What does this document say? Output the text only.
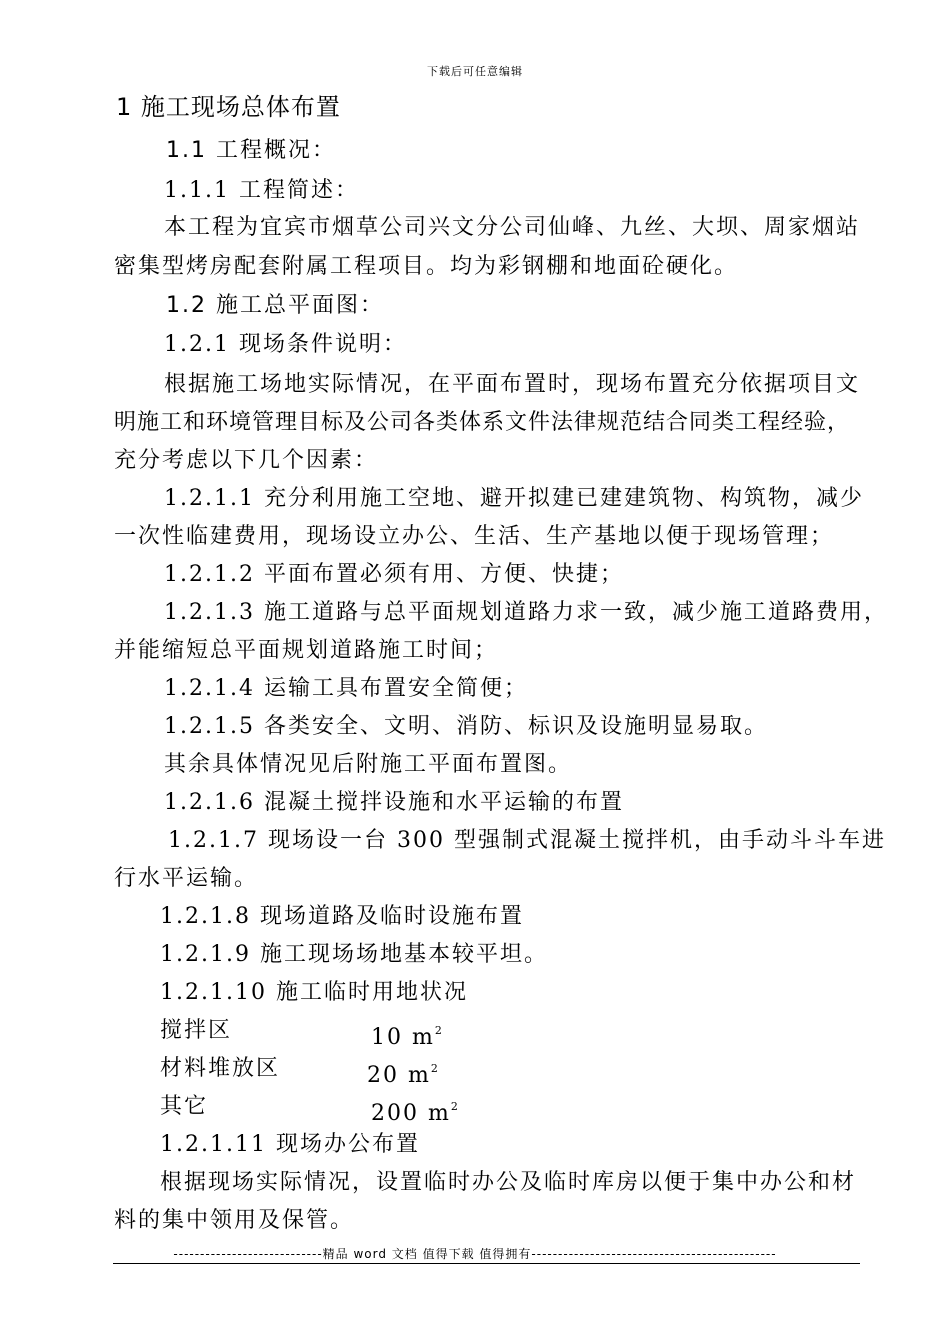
下载后可任意编辑
1 施工现场总体布置
1.1 工程概况：
1.1.1 工程简述：
本工程为宜宾市烟草公司兴文分公司仙峰、九丝、大坝、周家烟站
密集型烤房配套附属工程项目。均为彩钢棚和地面砼硬化。
1.2 施工总平面图：
1.2.1 现场条件说明：
根据施工场地实际情况，在平面布置时，现场布置充分依据项目文
明施工和环境管理目标及公司各类体系文件法律规范结合同类工程经验，
充分考虑以下几个因素：
1.2.1.1 充分利用施工空地、避开拟建已建建筑物、构筑物，减少
一次性临建费用，现场设立办公、生活、生产基地以便于现场管理；
1.2.1.2 平面布置必须有用、方便、快捷；
1.2.1.3 施工道路与总平面规划道路力求一致，减少施工道路费用，
并能缩短总平面规划道路施工时间；
1.2.1.4 运输工具布置安全简便；
1.2.1.5 各类安全、文明、消防、标识及设施明显易取。
其余具体情况见后附施工平面布置图。
1.2.1.6 混凝土搅拌设施和水平运输的布置
1.2.1.7 现场设一台 300 型强制式混凝土搅拌机，由手动斗斗车进
行水平运输。
1.2.1.8 现场道路及临时设施布置
1.2.1.9 施工现场场地基本较平坦。
1.2.1.10 施工临时用地状况
搅拌区	10 $m^2$
材料堆放区	20 $m^2$
其它	200 $m^2$
1.2.1.11 现场办公布置
根据现场实际情况，设置临时办公及临时库房以便于集中办公和材
料的集中领用及保管。
----------------------------精品 word 文档 值得下载 值得拥有----------------------------------------------
